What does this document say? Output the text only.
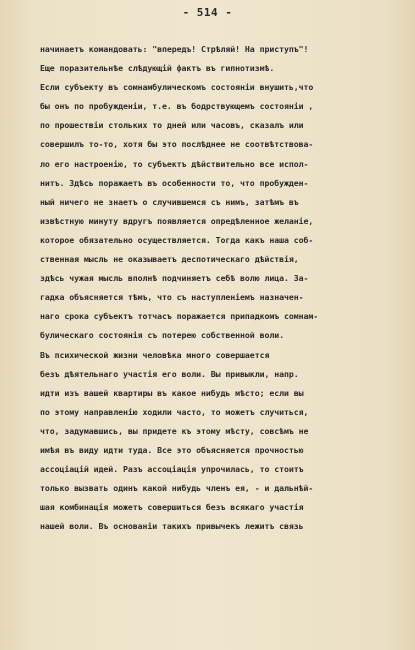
- 514 -
начинаетъ командовать: "впередъ! Стрѣляй! На приступъ"!
Еще поразительнѣе слѣдующій фактъ въ гипнотизмѣ.
Если субъекту въ сомнамбулическомъ состояніи внушить,что
бы онъ по пробужденіи, т.е. въ бодрствующемъ состояніи ,
по прошествіи стольких то дней или часовъ, сказалъ или
совершилъ то-то, хотя бы это послѣднее не соотвѣтствова-
ло его настроенію, то субъектъ дѣйствительно все испол-
нитъ. Здѣсь поражаетъ въ особенности то, что пробужден-
ный ничего не знаетъ о случившемся съ нимъ, затѣмъ въ
извѣстную минуту вдругъ появляется опредѣленное желаніе,
которое обязательно осуществляется. Тогда какъ наша соб-
ственная мысль не оказываетъ деспотическаго дѣйствія,
здѣсь чужая мысль вполнѣ подчиняетъ себѣ волю лица. За-
гадка объясняется тѣмъ, что съ наступленіемъ назначен-
наго срока субъектъ тотчасъ поражается припадкомъ сомнам-
булическаго состоянія съ потерею собственной воли.
Въ психической жизни человѣка много совершается
безъ дѣятельнаго участія его воли. Вы привыкли, напр.
идти изъ вашей квартиры въ какое нибудь мѣсто; если вы
по этому направленію ходили часто, то можетъ случиться,
что, задумавшись, вы придете къ этому мѣсту, совсѣмъ не
имѣя въ виду идти туда. Все это объясняется прочностью
ассоціацій идей. Разъ ассоціація упрочилась, то стоитъ
только вызвать одинъ какой нибудь членъ ея, - и дальнѣй-
шая комбинація можетъ совершиться безъ всякаго участія
нашей воли. Въ основаніи такихъ привычекъ лежитъ связь
